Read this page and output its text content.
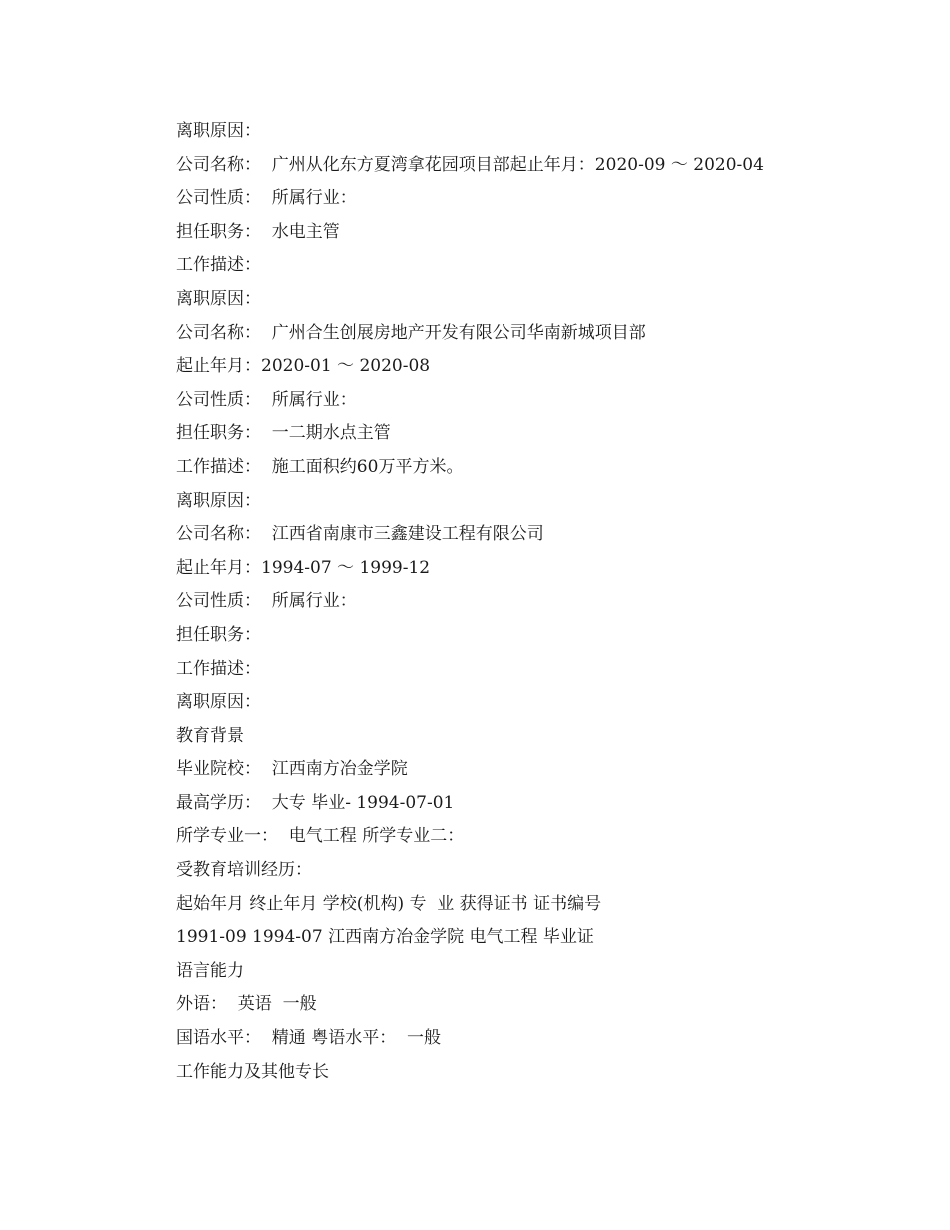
离职原因：
公司名称：  广州从化东方夏湾拿花园项目部起止年月：2020-09 ～ 2020-04
公司性质：  所属行业：
担任职务：  水电主管
工作描述：
离职原因：
公司名称：  广州合生创展房地产开发有限公司华南新城项目部
起止年月：2020-01 ～ 2020-08
公司性质：  所属行业：
担任职务：  一二期水点主管
工作描述：  施工面积约60万平方米。
离职原因：
公司名称：  江西省南康市三鑫建设工程有限公司
起止年月：1994-07 ～ 1999-12
公司性质：  所属行业：
担任职务：
工作描述：
离职原因：
教育背景
毕业院校：  江西南方冶金学院
最高学历：  大专 毕业- 1994-07-01
所学专业一：  电气工程 所学专业二：
受教育培训经历：
起始年月 终止年月 学校(机构) 专  业 获得证书 证书编号
1991-09 1994-07 江西南方冶金学院 电气工程 毕业证
语言能力
外语：  英语  一般
国语水平：  精通 粤语水平：  一般
工作能力及其他专长
